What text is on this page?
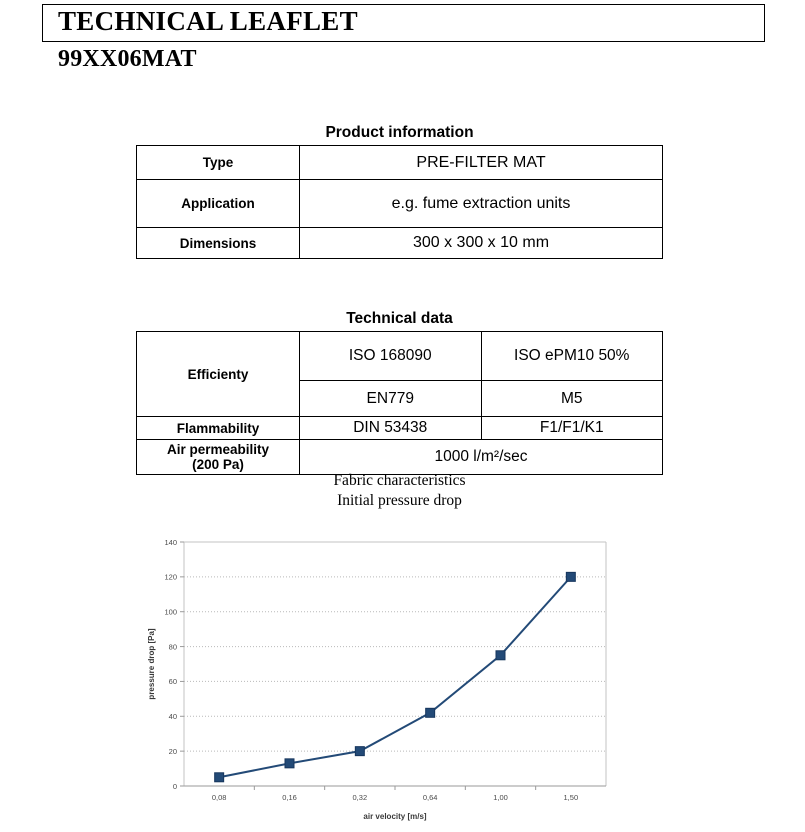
TECHNICAL LEAFLET
99XX06MAT
Product information
Type	PRE-FILTER MAT
Application	e.g. fume extraction units
Dimensions	300 x 300 x 10 mm
Technical data
Efficienty	ISO 168090	ISO ePM10 50%
	EN779	M5
Flammability	DIN 53438	F1/F1/K1
Air permeability
(200 Pa)	1000 l/m²/sec	
Fabric characteristics
Initial pressure drop
0
20
40
60
80
100
120
140
0,08	0,16	0,32	0,64	1,00	1,50
pressure drop [Pa]
air velocity [m/s]
